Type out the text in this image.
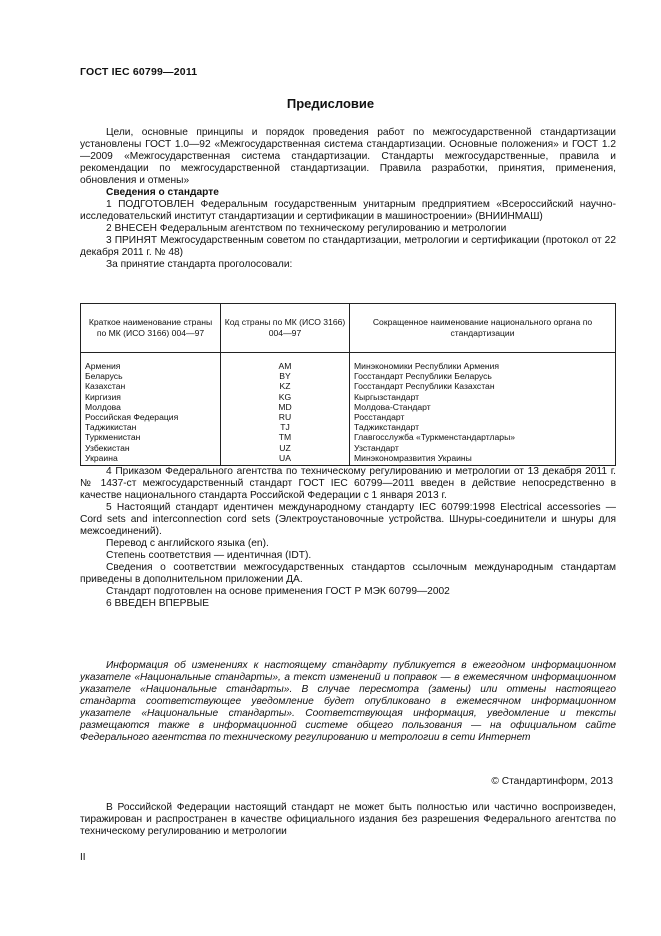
ГОСТ IEC 60799—2011
Предисловие

Цели, основные принципы и порядок проведения работ по межгосударственной стандартизации установлены ГОСТ 1.0—92 «Межгосударственная система стандартизации. Основные положения» и ГОСТ 1.2—2009 «Межгосударственная система стандартизации. Стандарты межгосударственные, правила и рекомендации по межгосударственной стандартизации. Правила разработки, принятия, применения, обновления и отмены»

Сведения о стандарте

1 ПОДГОТОВЛЕН Федеральным государственным унитарным предприятием «Всероссийский научно-исследовательский институт стандартизации и сертификации в машиностроении» (ВНИИНМАШ)

2 ВНЕСЕН Федеральным агентством по техническому регулированию и метрологии

3 ПРИНЯТ Межгосударственным советом по стандартизации, метрологии и сертификации (протокол от 22 декабря 2011 г. № 48)

За принятие стандарта проголосовали:

Краткое наименование страны по МК (ИСО 3166) 004—97	Код страны по МК (ИСО 3166) 004—97	Сокращенное наименование национального органа по стандартизации
Армения	AM	Минэкономики Республики Армения
Беларусь	BY	Госстандарт Республики Беларусь
Казахстан	KZ	Госстандарт Республики Казахстан
Киргизия	KG	Кыргызстандарт
Молдова	MD	Молдова-Стандарт
Российская Федерация	RU	Росстандарт
Таджикистан	TJ	Таджикстандарт
Туркменистан	TM	Главгосслужба «Туркменстандартлары»
Узбекистан	UZ	Узстандарт
Украина	UA	Минэкономразвития Украины

4 Приказом Федерального агентства по техническому регулированию и метрологии от 13 декабря 2011 г. № 1437-ст межгосударственный стандарт ГОСТ IEC 60799—2011 введен в действие непосредственно в качестве национального стандарта Российской Федерации с 1 января 2013 г.

5 Настоящий стандарт идентичен международному стандарту IEC 60799:1998 Electrical accessories — Cord sets and interconnection cord sets (Электроустановочные устройства. Шнуры-соединители и шнуры для межсоединений).

Перевод с английского языка (en).

Степень соответствия — идентичная (IDT).

Сведения о соответствии межгосударственных стандартов ссылочным международным стандартам приведены в дополнительном приложении ДА.

Стандарт подготовлен на основе применения ГОСТ Р МЭК 60799—2002

6 ВВЕДЕН ВПЕРВЫЕ

Информация об изменениях к настоящему стандарту публикуется в ежегодном информационном указателе «Национальные стандарты», а текст изменений и поправок — в ежемесячном информационном указателе «Национальные стандарты». В случае пересмотра (замены) или отмены настоящего стандарта соответствующее уведомление будет опубликовано в ежемесячном информационном указателе «Национальные стандарты». Соответствующая информация, уведомление и тексты размещаются также в информационной системе общего пользования — на официальном сайте Федерального агентства по техническому регулированию и метрологии в сети Интернет

© Стандартинформ, 2013

В Российской Федерации настоящий стандарт не может быть полностью или частично воспроизведен, тиражирован и распространен в качестве официального издания без разрешения Федерального агентства по техническому регулированию и метрологии

II
